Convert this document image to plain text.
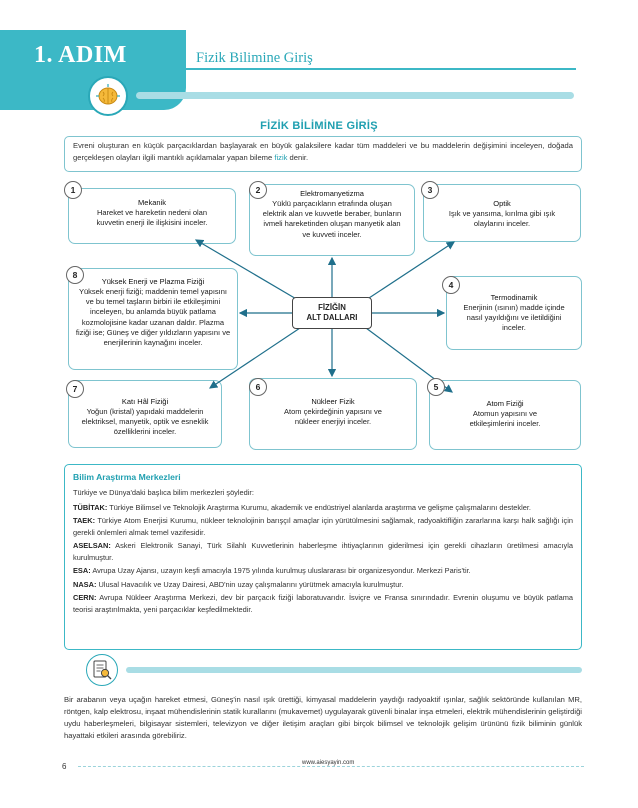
1. ADIM	Fizik Bilimine Giriş
FİZİK BİLİMİNE GİRİŞ
Evreni oluşturan en küçük parçacıklardan başlayarak en büyük galaksilere kadar tüm maddeleri ve bu maddelerin değişimini inceleyen, doğada gerçekleşen olayları ilgili mantıklı açıklamalar yapan bileme fizik denir.
Mekanik
Hareket ve hareketin nedeni olan kuvvetin enerji ile ilişkisini inceler.
1	Elektromanyetizma
Yüklü parçacıkların etrafında oluşan elektrik alan ve kuvvetle beraber, bunların ivmeli hareketinden oluşan manyetik alan ve kuvveti inceler.
2
Optik
Işık ve yansıma, kırılma gibi ışık olaylarını inceler.
3
Yüksek Enerji ve Plazma Fiziği
Yüksek enerji fiziği; maddenin temel yapısını ve bu temel taşların birbiri ile etkileşimini inceleyen, bu anlamda büyük patlama kozmolojisine kadar uzanan daldır. Plazma fiziği ise; Güneş ve diğer yıldızların yapısını ve enerjilerinin kaynağını inceler.
8
FİZİĞİN
ALT DALLARI
Termodinamik
Enerjinin (ısının) madde içinde nasıl yayıldığını ve iletildiğini inceler.
4
Katı Hâl Fiziği
Yoğun (kristal) yapıdaki maddelerin elektriksel, manyetik, optik ve esneklik özelliklerini inceler.
7
Nükleer Fizik
Atom çekirdeğinin yapısını ve nükleer enerjiyi inceler.
6
Atom Fiziği
Atomun yapısını ve etkileşimlerini inceler.
5
Bilim Araştırma Merkezleri
Türkiye ve Dünya'daki başlıca bilim merkezleri şöyledir:
TÜBİTAK: Türkiye Bilimsel ve Teknolojik Araştırma Kurumu, akademik ve endüstriyel alanlarda araştırma ve gelişme çalışmalarını destekler.
TAEK: Türkiye Atom Enerjisi Kurumu, nükleer teknolojinin barışçıl amaçlar için yürütülmesini sağlamak, radyoaktifliğin zararlarına karşı halk sağlığı için gerekli önlemleri almak temel vazifesidir.
ASELSAN: Askeri Elektronik Sanayi, Türk Silahlı Kuvvetlerinin haberleşme ihtiyaçlarının giderilmesi için gerekli cihazların üretilmesi amacıyla kurulmuştur.
ESA: Avrupa Uzay Ajansı, uzayın keşfi amacıyla 1975 yılında kurulmuş uluslararası bir organizesyondur. Merkezi Paris'tir.
NASA: Ulusal Havacılık ve Uzay Dairesi, ABD'nin uzay çalışmalarını yürütmek amacıyla kurulmuştur.
CERN: Avrupa Nükleer Araştırma Merkezi, dev bir parçacık fiziği laboratuvarıdır. İsviçre ve Fransa sınırındadır. Evrenin oluşumu ve büyük patlama teorisi araştırılmakta, yeni parçacıklar keşfedilmektedir.
Bir arabanın veya uçağın hareket etmesi, Güneş'in nasıl ışık ürettiği, kimyasal maddelerin yaydığı radyoaktif ışınlar, sağlık sektöründe kullanılan MR, röntgen, kalp elektrosu, inşaat mühendislerinin statik kurallarını (mukavemet) uygulayarak güvenli binalar inşa etmeleri, elektrik mühendislerinin geliştirdiği uydu haberleşmeleri, bilgisayar sistemleri, televizyon ve diğer iletişim araçları gibi birçok bilimsel ve teknolojik gelişim ürününü fizik biliminin günlük hayattaki etkileri arasında görebiliriz.
6	www.aiesyayin.com
